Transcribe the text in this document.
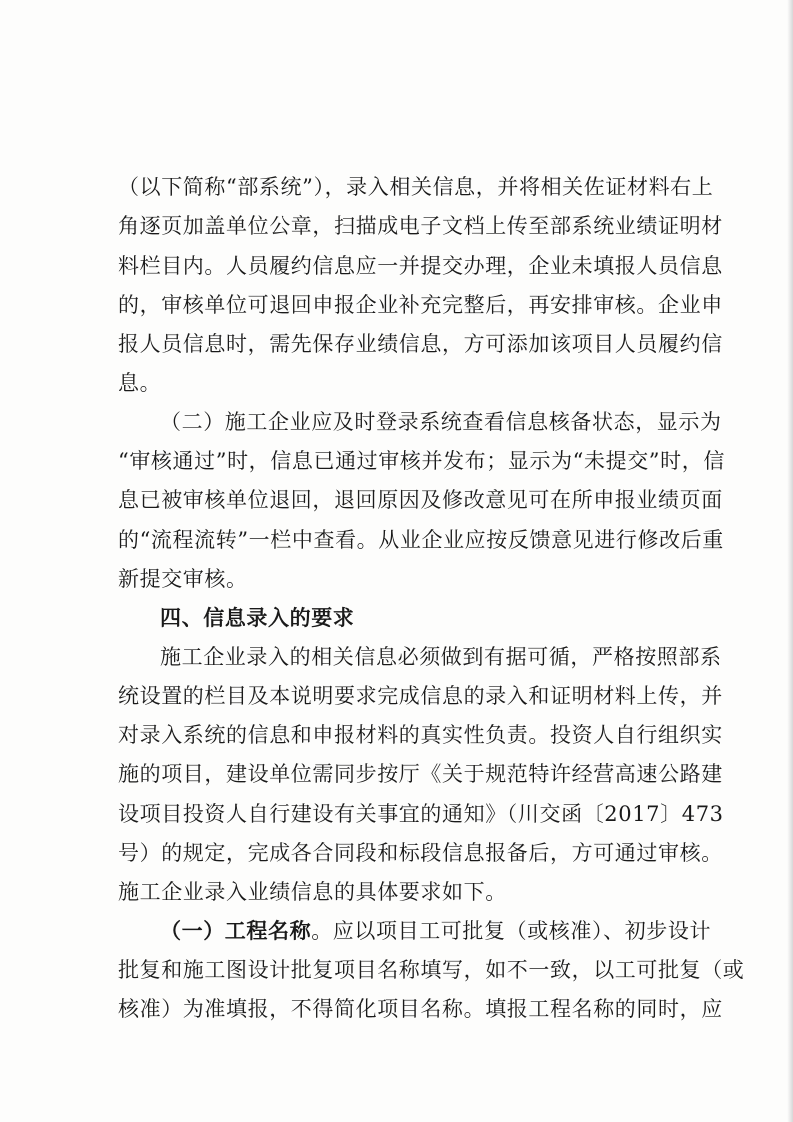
（以下简称“部系统”），录入相关信息，并将相关佐证材料右上
角逐页加盖单位公章，扫描成电子文档上传至部系统业绩证明材
料栏目内。人员履约信息应一并提交办理，企业未填报人员信息
的，审核单位可退回申报企业补充完整后，再安排审核。企业申
报人员信息时，需先保存业绩信息，方可添加该项目人员履约信
息。
（二）施工企业应及时登录系统查看信息核备状态，显示为
“审核通过”时，信息已通过审核并发布；显示为“未提交”时，信
息已被审核单位退回，退回原因及修改意见可在所申报业绩页面
的“流程流转”一栏中查看。从业企业应按反馈意见进行修改后重
新提交审核。
四、信息录入的要求
施工企业录入的相关信息必须做到有据可循，严格按照部系
统设置的栏目及本说明要求完成信息的录入和证明材料上传，并
对录入系统的信息和申报材料的真实性负责。投资人自行组织实
施的项目，建设单位需同步按厅《关于规范特许经营高速公路建
设项目投资人自行建设有关事宜的通知》（川交函〔2017〕473
号）的规定，完成各合同段和标段信息报备后，方可通过审核。
施工企业录入业绩信息的具体要求如下。
（一）工程名称。应以项目工可批复（或核准）、初步设计
批复和施工图设计批复项目名称填写，如不一致，以工可批复（或
核准）为准填报，不得简化项目名称。填报工程名称的同时，应
